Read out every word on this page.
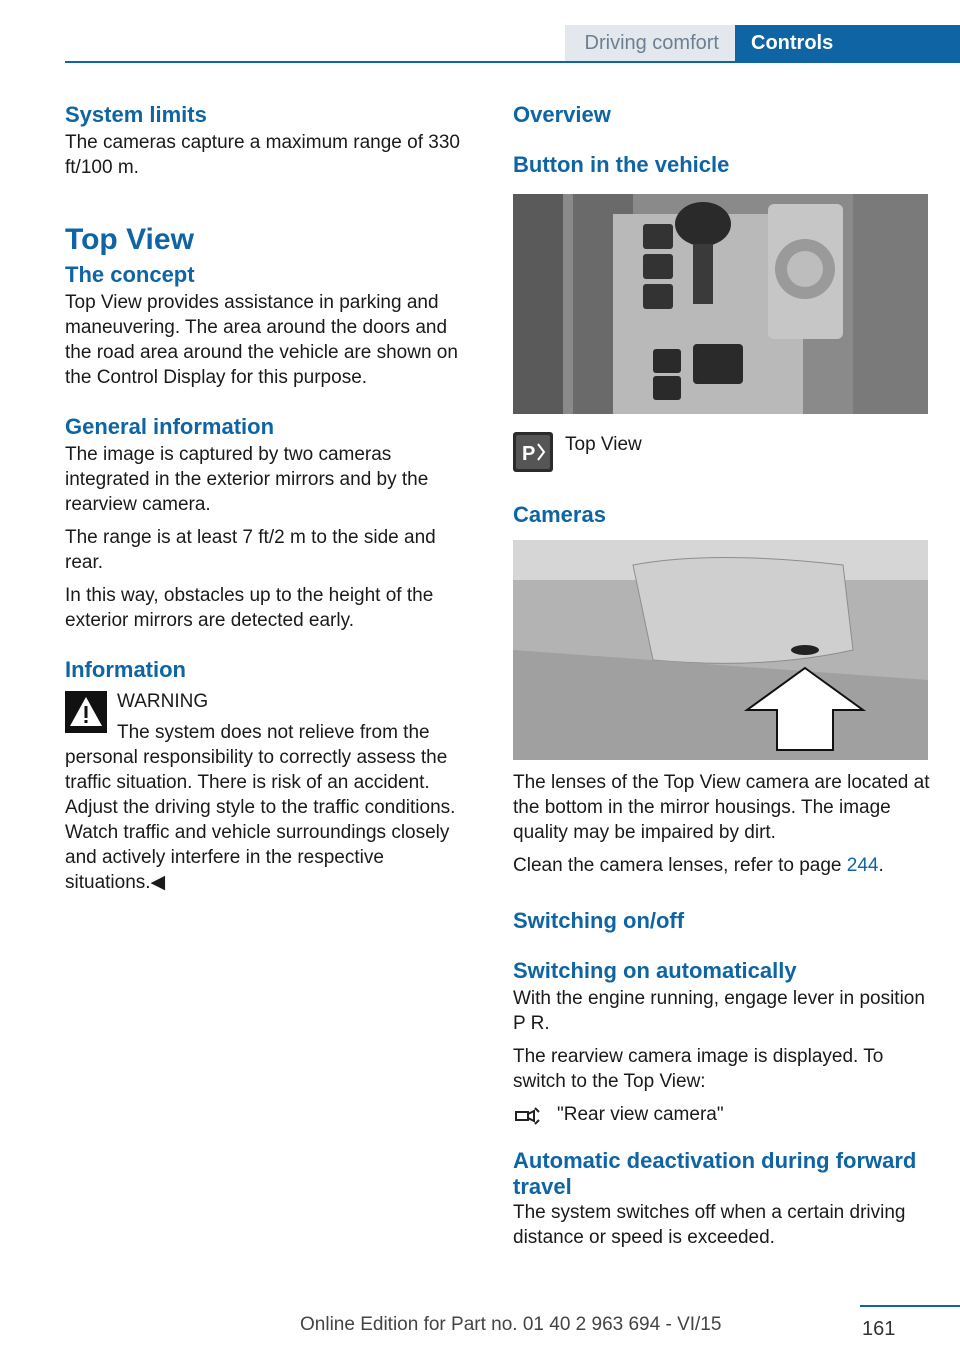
Driving comfort	Controls
System limits

The cameras capture a maximum range of 330 ft/100 m.

Top View
The concept

Top View provides assistance in parking and maneuvering. The area around the doors and the road area around the vehicle are shown on the Control Display for this purpose.

General information

The image is captured by two cameras integrated in the exterior mirrors and by the rearview camera.

The range is at least 7 ft/2 m to the side and rear.

In this way, obstacles up to the height of the exterior mirrors are detected early.

Information
WARNING

The system does not relieve from the personal responsibility to correctly assess the traffic situation. There is risk of an accident. Adjust the driving style to the traffic conditions. Watch traffic and vehicle surroundings closely and actively interfere in the respective situations.◀

Overview
Button in the vehicle
P Top View
Cameras

The lenses of the Top View camera are located at the bottom in the mirror housings. The image quality may be impaired by dirt.

Clean the camera lenses, refer to page 244.

Switching on/off
Switching on automatically

With the engine running, engage lever in position P R.

The rearview camera image is displayed. To switch to the Top View:

"Rear view camera"
Automatic deactivation during forward travel

The system switches off when a certain driving distance or speed is exceeded.

Online Edition for Part no. 01 40 2 963 694 - VI/15	161
